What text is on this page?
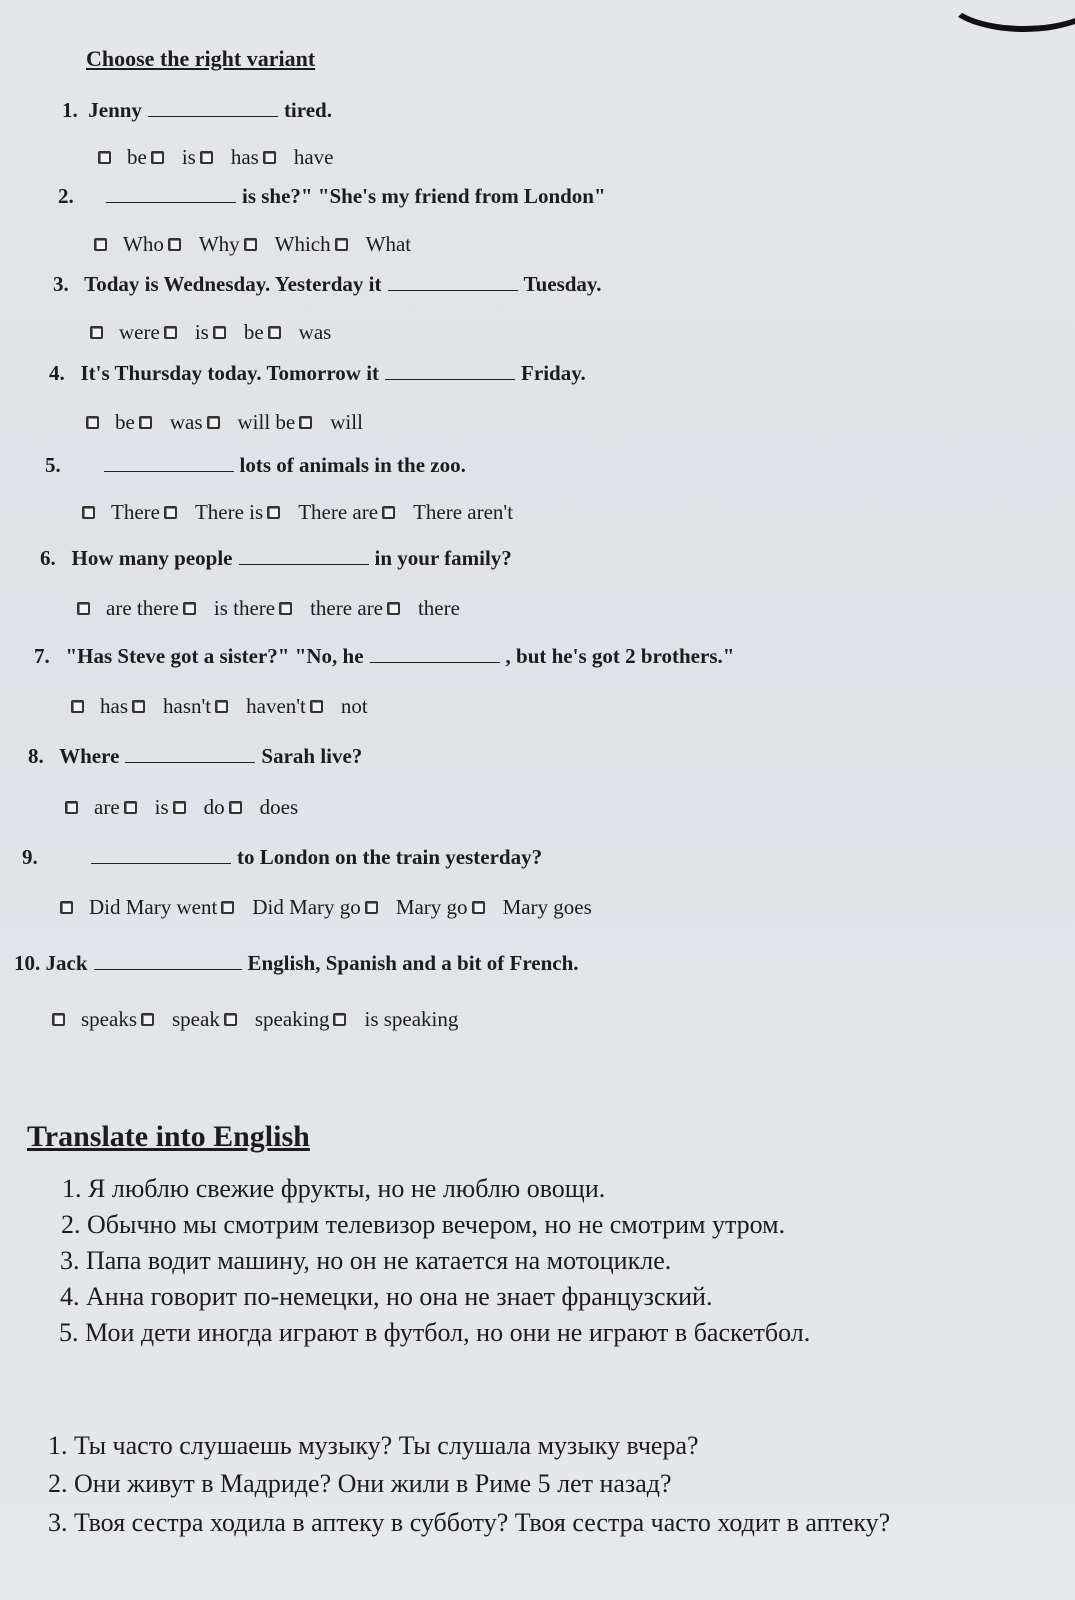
Choose the right variant
1. Jenny	tired.
be is has have
2.	is she?" "She's my friend from London"
Who Why Which What
3. Today is Wednesday. Yesterday it	Tuesday.
were is be was
4. It's Thursday today. Tomorrow it	Friday.
be was will be will
5.	lots of animals in the zoo.
There There is There are There aren't
6. How many people	in your family?
are there is there there are there
7. "Has Steve got a sister?" "No, he	, but he's got 2 brothers."
has hasn't haven't not
8. Where	Sarah live?
are is do does
9.	to London on the train yesterday?
Did Mary went Did Mary go Mary go Mary goes
10. Jack	English, Spanish and a bit of French.
speaks speak speaking is speaking
Translate into English
1. Я люблю свежие фрукты, но не люблю овощи.
2. Обычно мы смотрим телевизор вечером, но не смотрим утром.
3. Папа водит машину, но он не катается на мотоцикле.
4. Анна говорит по-немецки, но она не знает французский.
5. Мои дети иногда играют в футбол, но они не играют в баскетбол.
1. Ты часто слушаешь музыку? Ты слушала музыку вчера?
2. Они живут в Мадриде? Они жили в Риме 5 лет назад?
3. Твоя сестра ходила в аптеку в субботу? Твоя сестра часто ходит в аптеку?
